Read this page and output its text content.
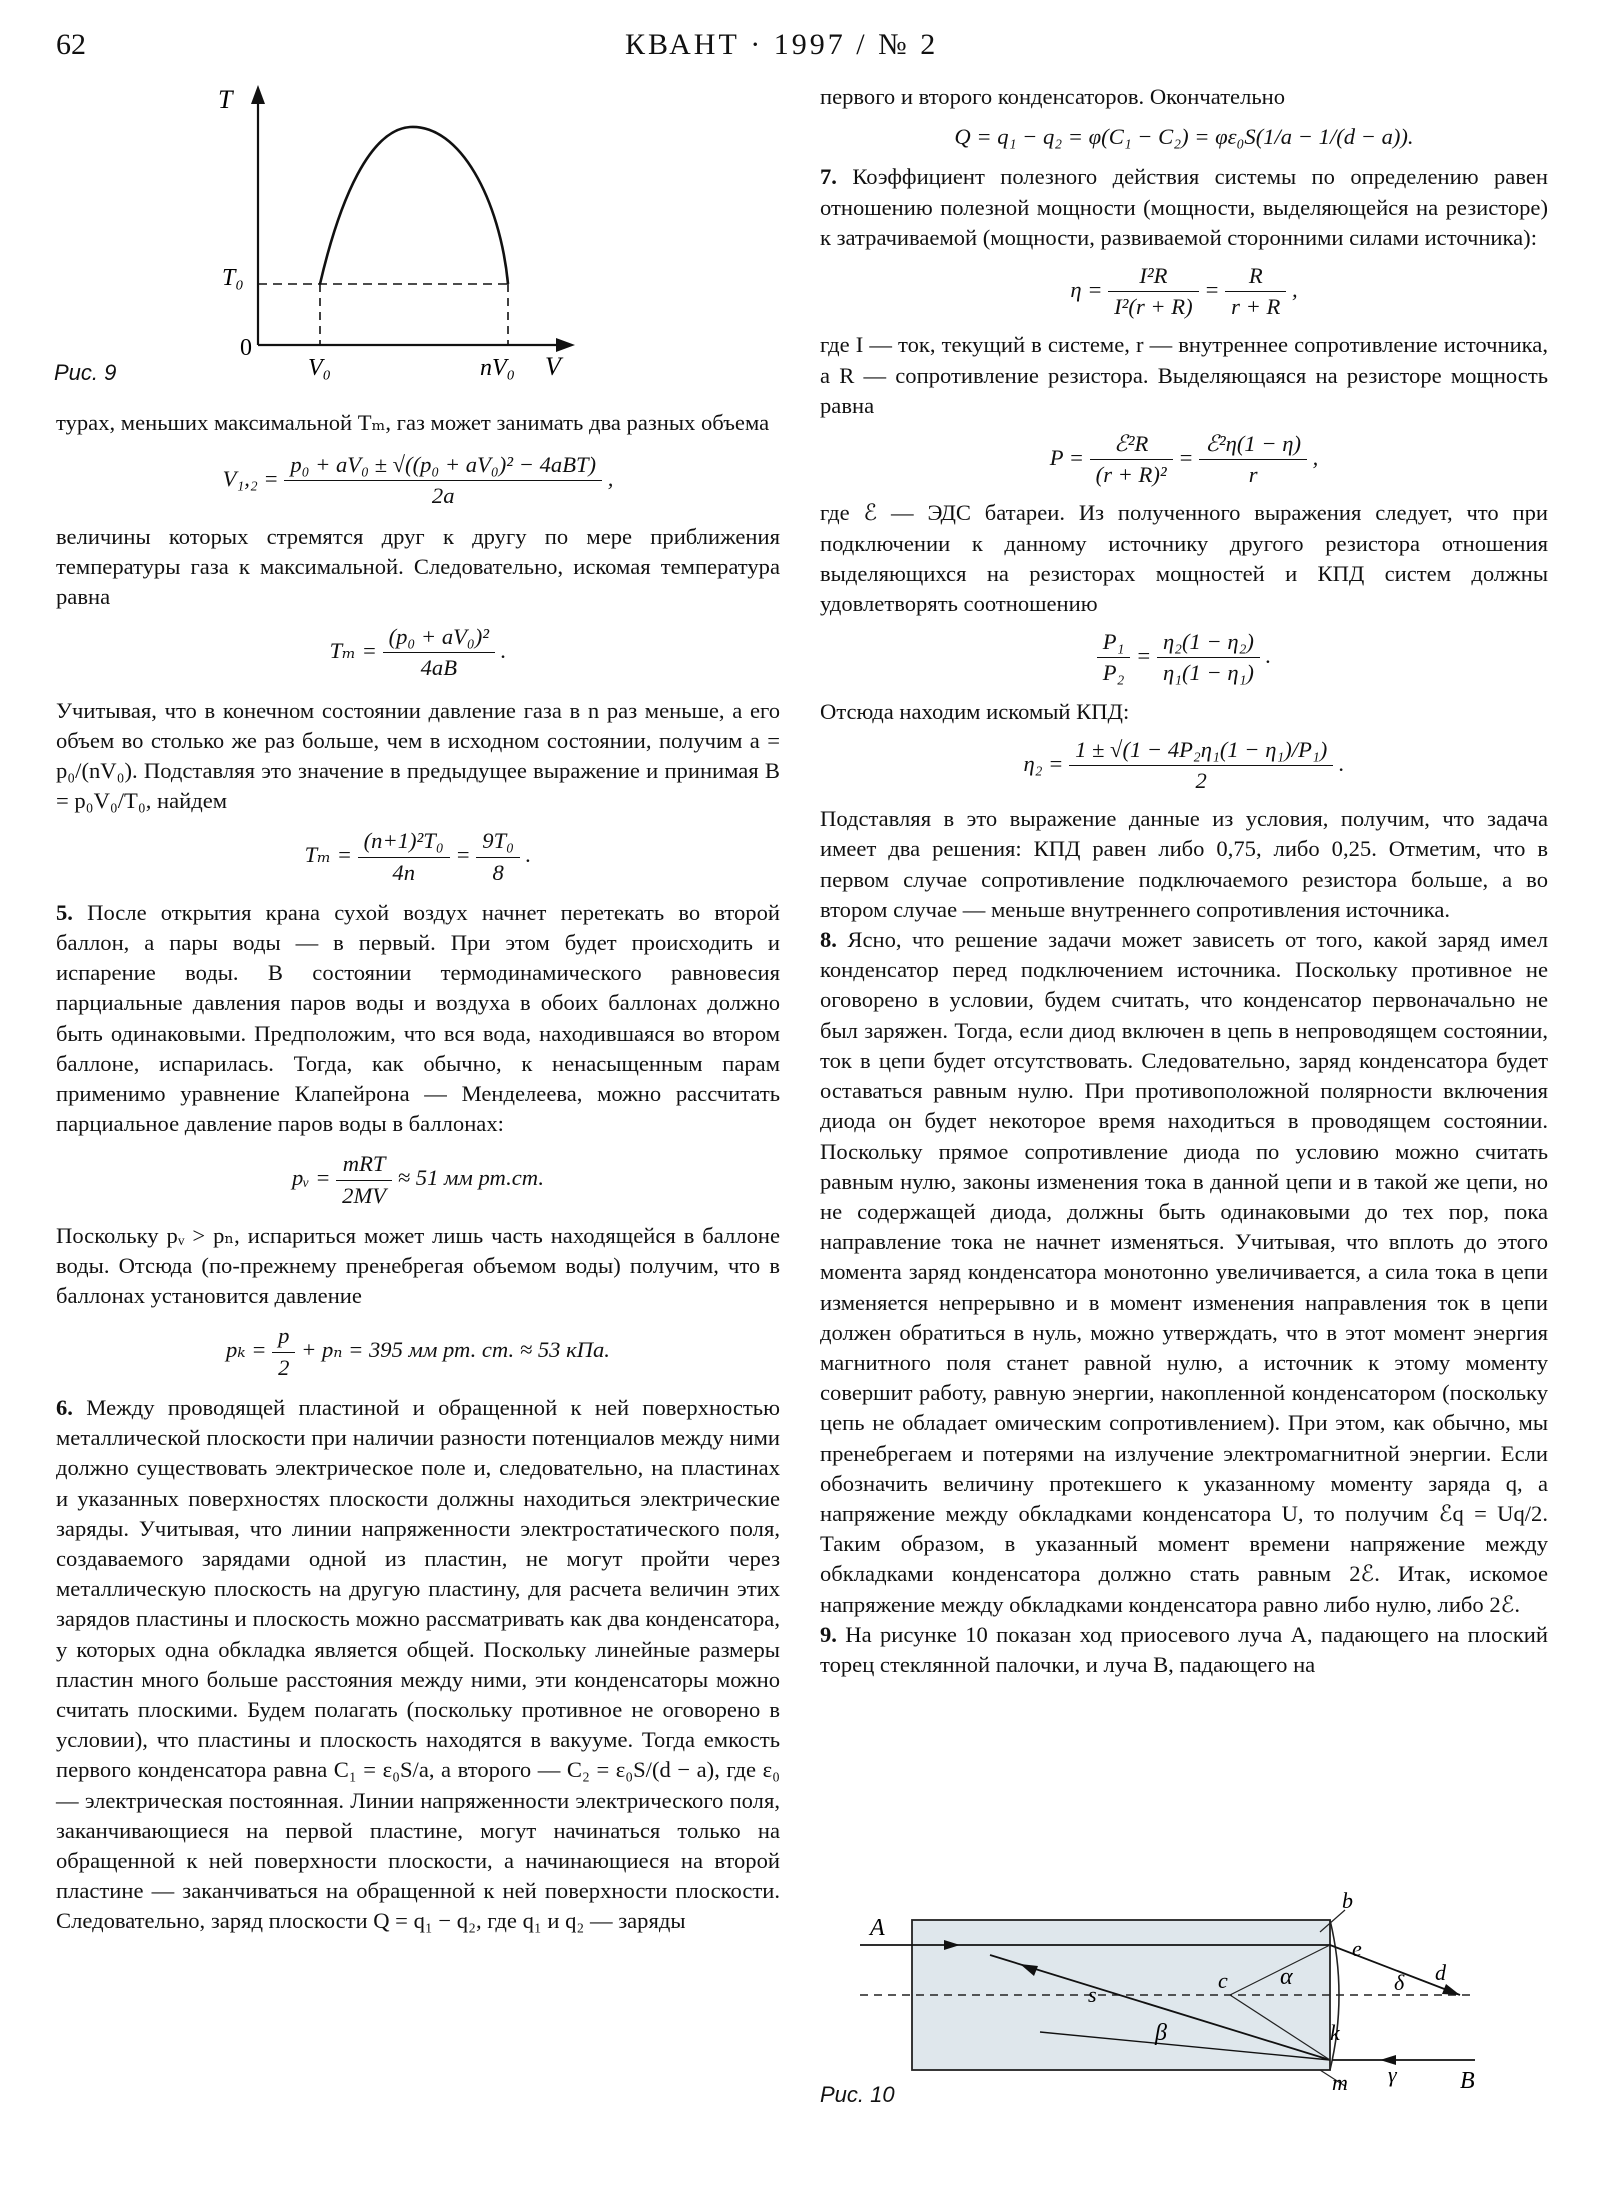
62	КВАНТ · 1997 / № 2
T
V
0
T₀
V₀	nV₀
Рис. 9

турах, меньших максимальной Tₘ, газ может занимать два разных объема

$V_1,_2 = \frac{\text{p₀ + aV₀ ± √((p₀ + aV₀)² − 4aBT)}}{2a}$ ,

величины которых стремятся друг к другу по мере приближения температуры газа к максимальной. Следовательно, искомая температура равна

$T_m = \frac{\text{(p₀ + aV₀)²}}{4aB}$ .

Учитывая, что в конечном состоянии давление газа в n раз меньше, а его объем во столько же раз больше, чем в исходном состоянии, получим a = p₀/(nV₀). Подставляя это значение в предыдущее выражение и принимая B = p₀V₀/T₀, найдем

$T_m = \frac{\text{(n+1)²T₀}}{4n} = \frac{\text{9T₀}}{8}$ .

5. После открытия крана сухой воздух начнет перетекать во второй баллон, а пары воды — в первый. При этом будет происходить и испарение воды. В состоянии термодинамического равновесия парциальные давления паров воды и воздуха в обоих баллонах должно быть одинаковыми. Предположим, что вся вода, находившаяся во втором баллоне, испарилась. Тогда, как обычно, к ненасыщенным парам применимо уравнение Клапейрона — Менделеева, можно рассчитать парциальное давление паров воды в баллонах:

pᵥ = $\frac{\text{mRT}}{2MV} \approx 51$ мм рт.ст.

Поскольку pᵥ > pₙ, испариться может лишь часть находящейся в баллоне воды. Отсюда (по-прежнему пренебрегая объемом воды) получим, что в баллонах установится давление

$p_k = \frac{p}{2} + p_n = 395$ мм рт. ст. ≈ 53 кПа.

6. Между проводящей пластиной и обращенной к ней поверхностью металлической плоскости при наличии разности потенциалов между ними должно существовать электрическое поле и, следовательно, на пластинах и указанных поверхностях плоскости должны находиться электрические заряды. Учитывая, что линии напряженности электростатического поля, создаваемого зарядами одной из пластин, не могут пройти через металлическую плоскость на другую пластину, для расчета величин этих зарядов пластины и плоскость можно рассматривать как два конденсатора, у которых одна обкладка является общей. Поскольку линейные размеры пластин много больше расстояния между ними, эти конденсаторы можно считать плоскими. Будем полагать (поскольку противное не оговорено в условии), что пластины и плоскость находятся в вакууме. Тогда емкость первого конденсатора равна C₁ = ε₀S/a, а второго — C₂ = ε₀S/(d − a), где ε₀ — электрическая постоянная. Линии напряженности электрического поля, заканчивающиеся на первой пластине, могут начинаться только на обращенной к ней поверхности плоскости, а начинающиеся на второй пластине — заканчиваться на обращенной к ней поверхности плоскости. Следовательно, заряд плоскости Q = q₁ − q₂, где q₁ и q₂ — заряды

первого и второго конденсаторов. Окончательно

Q = q₁ − q₂ = φ(C₁ − C₂) = φε₀S(1/a − 1/(d − a)).

7. Коэффициент полезного действия системы по определению равен отношению полезной мощности (мощности, выделяющейся на резисторе) к затрачиваемой (мощности, развиваемой сторонними силами источника):

$\eta = \frac{\text{I²R}}{\text{I²(r + R)}} = \frac{R}{r + R}$ ,

где I — ток, текущий в системе, r — внутреннее сопротивление источника, а R — сопротивление резистора. Выделяющаяся на резисторе мощность равна

$P = \frac{\text{ℰ²R}}{\text{(r + R)²}} = \frac{\text{ℰ²η(1 − η)}}{r}$ ,

где ℰ — ЭДС батареи. Из полученного выражения следует, что при подключении к данному источнику другого резистора отношения выделяющихся на резисторах мощностей и КПД систем должны удовлетворять соотношению

$\frac{\text{P₁}}{\text{P₂}} = \frac{\text{η₂(1 − η₂)}}{\text{η₁(1 − η₁)}}$ .

Отсюда находим искомый КПД:

$\eta_2 = \frac{\text{1 ± √(1 − 4P₂η₁(1 − η₁)/P₁)}}{2}$ .

Подставляя в это выражение данные из условия, получим, что задача имеет два решения: КПД равен либо 0,75, либо 0,25. Отметим, что в первом случае сопротивление подключаемого резистора больше, а во втором случае — меньше внутреннего сопротивления источника.

8. Ясно, что решение задачи может зависеть от того, какой заряд имел конденсатор перед подключением источника. Поскольку противное не оговорено в условии, будем считать, что конденсатор первоначально не был заряжен. Тогда, если диод включен в цепь в непроводящем состоянии, ток в цепи будет отсутствовать. Следовательно, заряд конденсатора будет оставаться равным нулю. При противоположной полярности включения диода он будет некоторое время находиться в проводящем состоянии. Поскольку прямое сопротивление диода по условию можно считать равным нулю, законы изменения тока в данной цепи и в такой же цепи, но не содержащей диода, должны быть одинаковыми до тех пор, пока направление тока не начнет изменяться. Учитывая, что вплоть до этого момента заряд конденсатора монотонно увеличивается, а сила тока в цепи изменяется непрерывно и в момент изменения направления ток в цепи должен обратиться в нуль, можно утверждать, что в этот момент энергия магнитного поля станет равной нулю, а источник к этому моменту совершит работу, равную энергии, накопленной конденсатором (поскольку цепь не обладает омическим сопротивлением). При этом, как обычно, мы пренебрегаем и потерями на излучение электромагнитной энергии. Если обозначить величину протекшего к указанному моменту заряда q, а напряжение между обкладками конденсатора U, то получим ℰq = Uq/2. Таким образом, в указанный момент времени напряжение между обкладками конденсатора должно стать равным 2ℰ. Итак, искомое напряжение между обкладками конденсатора равно либо нулю, либо 2ℰ.

9. На рисунке 10 показан ход приосевого луча A, падающего на плоский торец стеклянной палочки, и луча B, падающего на

A
B
b
c	d
e
k
m
s
α
β
γ
δ
Рис. 10
